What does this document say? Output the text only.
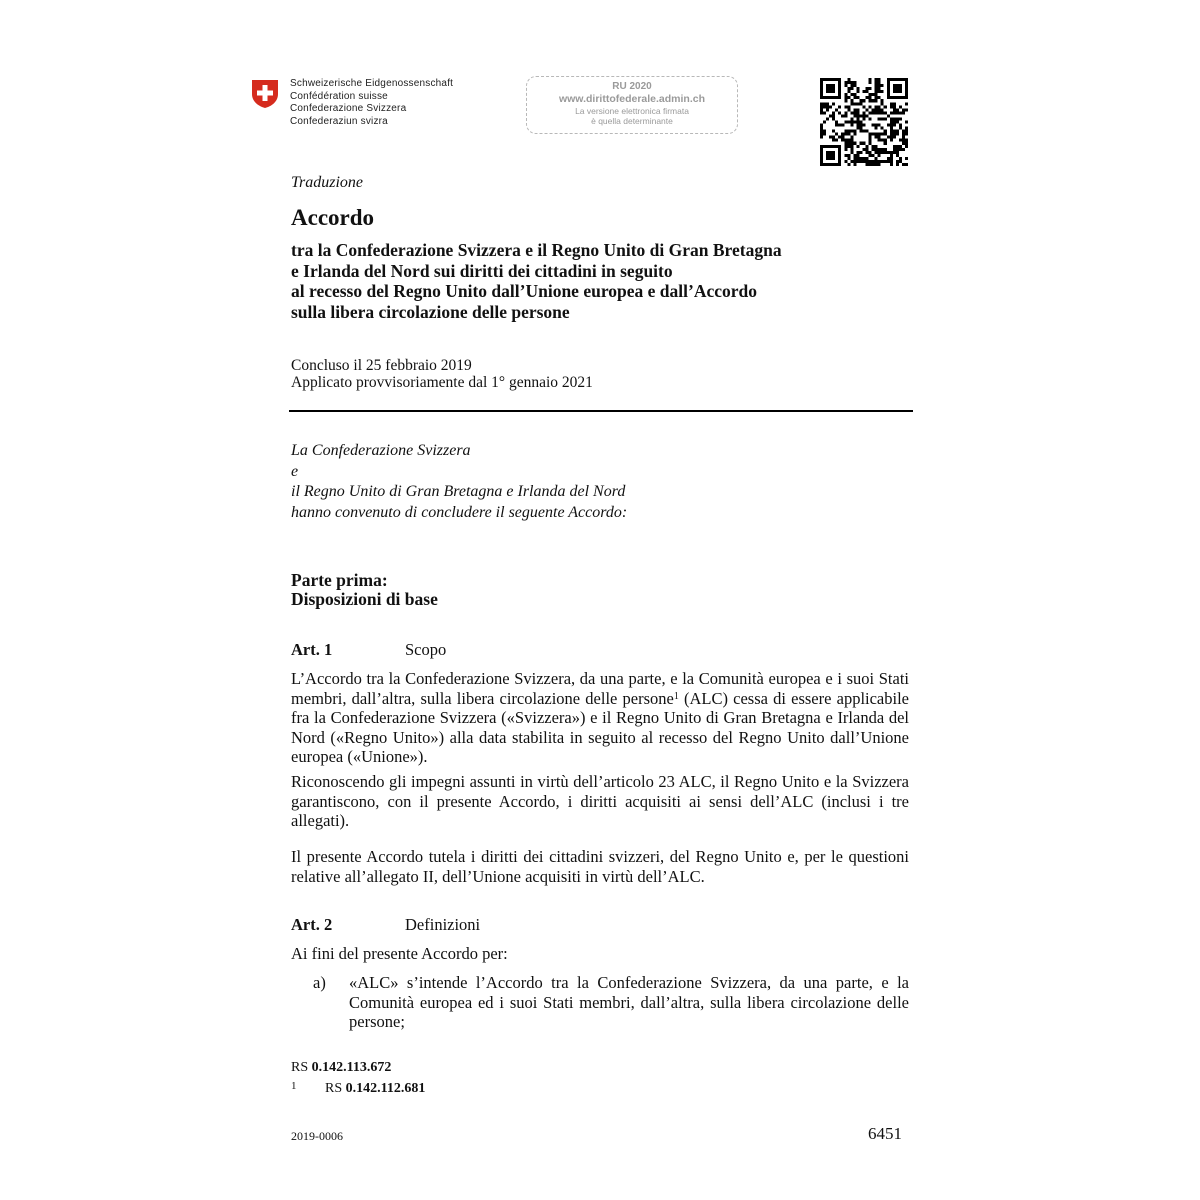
Schweizerische Eidgenossenschaft
Confédération suisse
Confederazione Svizzera
Confederaziun svizra
RU 2020
www.dirittofederale.admin.ch
La versione elettronica firmata
è quella determinante
Traduzione
Accordo
tra la Confederazione Svizzera e il Regno Unito di Gran Bretagna
e Irlanda del Nord sui diritti dei cittadini in seguito
al recesso del Regno Unito dall’Unione europea e dall’Accordo
sulla libera circolazione delle persone
Concluso il 25 febbraio 2019
Applicato provvisoriamente dal 1° gennaio 2021
La Confederazione Svizzera
e
il Regno Unito di Gran Bretagna e Irlanda del Nord
hanno convenuto di concludere il seguente Accordo:
Parte prima:
Disposizioni di base
Art. 1	Scopo
L’Accordo tra la Confederazione Svizzera, da una parte, e la Comunità europea e i suoi Stati membri, dall’altra, sulla libera circolazione delle persone$^1$ (ALC) cessa di essere applicabile fra la Confederazione Svizzera («Svizzera») e il Regno Unito di Gran Bretagna e Irlanda del Nord («Regno Unito») alla data stabilita in seguito al recesso del Regno Unito dall’Unione europea («Unione»).
Riconoscendo gli impegni assunti in virtù dell’articolo 23 ALC, il Regno Unito e la Svizzera garantiscono, con il presente Accordo, i diritti acquisiti ai sensi dell’ALC (inclusi i tre allegati).
Il presente Accordo tutela i diritti dei cittadini svizzeri, del Regno Unito e, per le questioni relative all’allegato II, dell’Unione acquisiti in virtù dell’ALC.
Art. 2	Definizioni
Ai fini del presente Accordo per:
a) «ALC» s’intende l’Accordo tra la Confederazione Svizzera, da una parte, e la Comunità europea ed i suoi Stati membri, dall’altra, sulla libera circolazione delle persone;
RS 0.142.113.672
1 RS 0.142.112.681
2019-0006	6451
